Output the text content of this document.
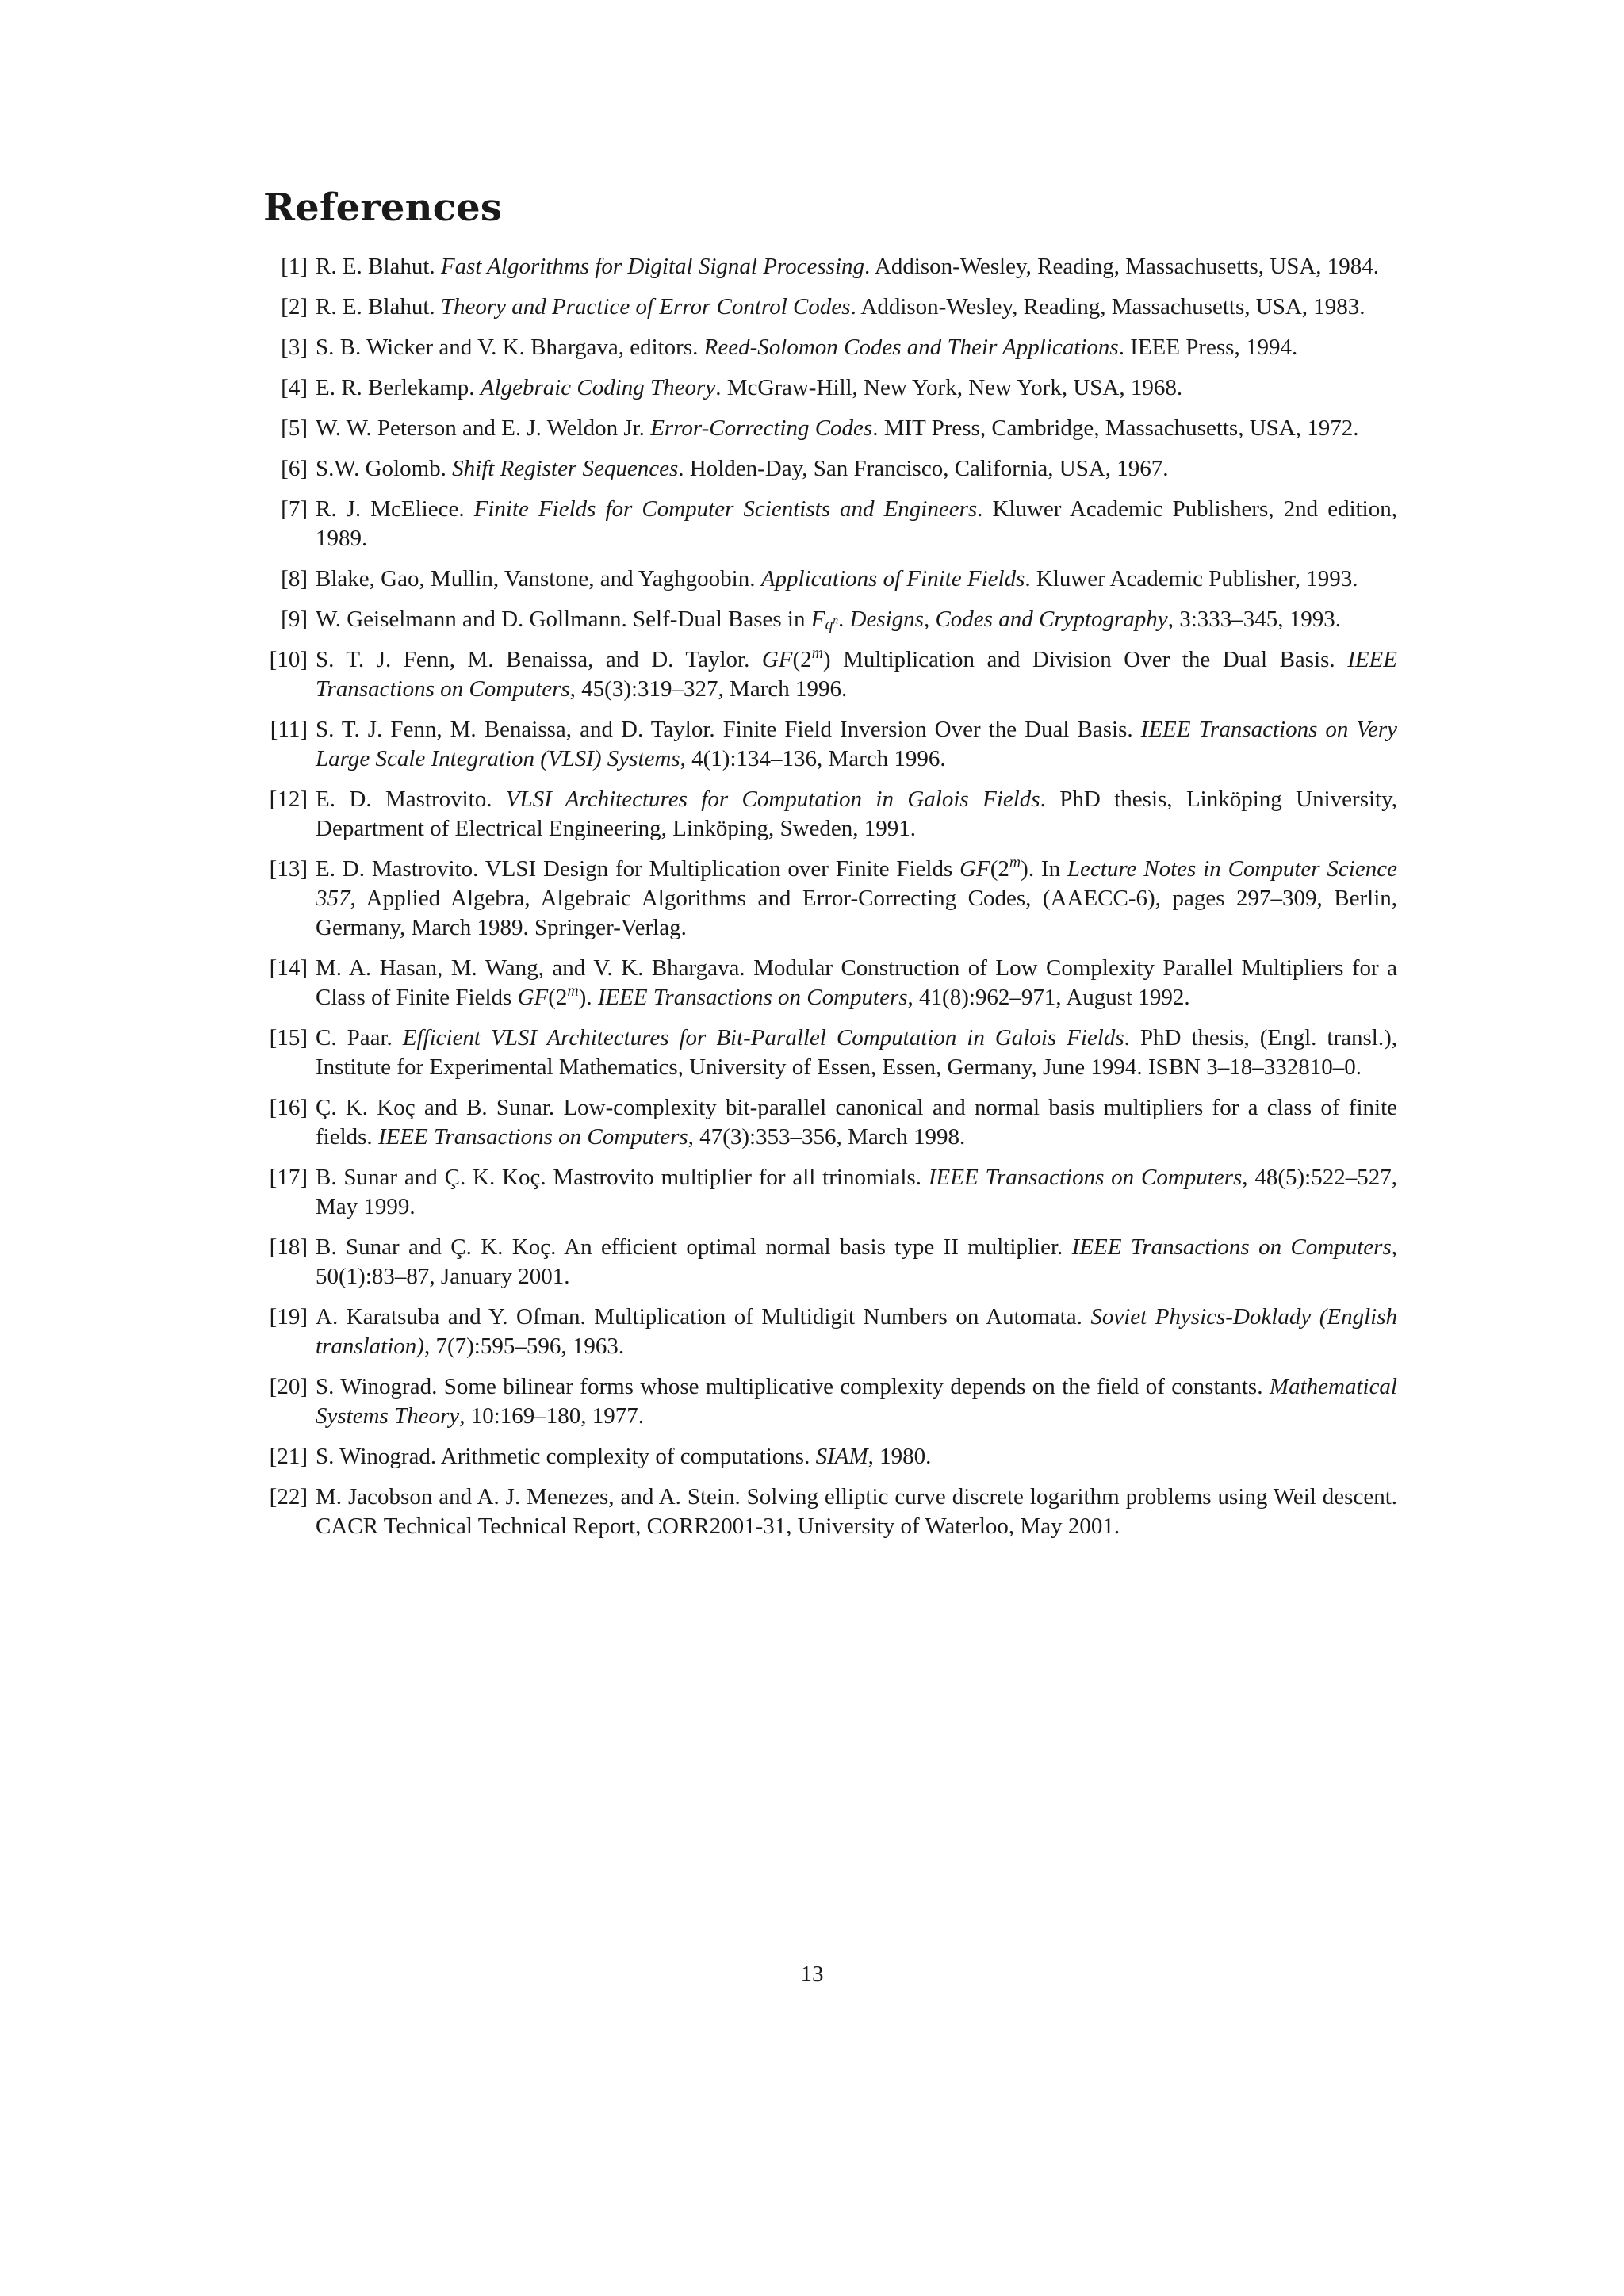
References
[1] R. E. Blahut. Fast Algorithms for Digital Signal Processing. Addison-Wesley, Reading, Massachusetts, USA, 1984.
[2] R. E. Blahut. Theory and Practice of Error Control Codes. Addison-Wesley, Reading, Massachusetts, USA, 1983.
[3] S. B. Wicker and V. K. Bhargava, editors. Reed-Solomon Codes and Their Applications. IEEE Press, 1994.
[4] E. R. Berlekamp. Algebraic Coding Theory. McGraw-Hill, New York, New York, USA, 1968.
[5] W. W. Peterson and E. J. Weldon Jr. Error-Correcting Codes. MIT Press, Cambridge, Massachusetts, USA, 1972.
[6] S.W. Golomb. Shift Register Sequences. Holden-Day, San Francisco, California, USA, 1967.
[7] R. J. McEliece. Finite Fields for Computer Scientists and Engineers. Kluwer Academic Publishers, 2nd edition, 1989.
[8] Blake, Gao, Mullin, Vanstone, and Yaghgoobin. Applications of Finite Fields. Kluwer Academic Publisher, 1993.
[9] W. Geiselmann and D. Gollmann. Self-Dual Bases in $F_{q^n}$. Designs, Codes and Cryptography, 3:333–345, 1993.
[10] S. T. J. Fenn, M. Benaissa, and D. Taylor. GF(2$^m$) Multiplication and Division Over the Dual Basis. IEEE Transactions on Computers, 45(3):319–327, March 1996.
[11] S. T. J. Fenn, M. Benaissa, and D. Taylor. Finite Field Inversion Over the Dual Basis. IEEE Transactions on Very Large Scale Integration (VLSI) Systems, 4(1):134–136, March 1996.
[12] E. D. Mastrovito. VLSI Architectures for Computation in Galois Fields. PhD thesis, Linköping University, Department of Electrical Engineering, Linköping, Sweden, 1991.
[13] E. D. Mastrovito. VLSI Design for Multiplication over Finite Fields GF(2$^m$). In Lecture Notes in Computer Science 357, Applied Algebra, Algebraic Algorithms and Error-Correcting Codes, (AAECC-6), pages 297–309, Berlin, Germany, March 1989. Springer-Verlag.
[14] M. A. Hasan, M. Wang, and V. K. Bhargava. Modular Construction of Low Complexity Parallel Multipliers for a Class of Finite Fields GF(2$^m$). IEEE Transactions on Computers, 41(8):962–971, August 1992.
[15] C. Paar. Efficient VLSI Architectures for Bit-Parallel Computation in Galois Fields. PhD thesis, (Engl. transl.), Institute for Experimental Mathematics, University of Essen, Essen, Germany, June 1994. ISBN 3–18–332810–0.
[16] Ç. K. Koç and B. Sunar. Low-complexity bit-parallel canonical and normal basis multipliers for a class of finite fields. IEEE Transactions on Computers, 47(3):353–356, March 1998.
[17] B. Sunar and Ç. K. Koç. Mastrovito multiplier for all trinomials. IEEE Transactions on Computers, 48(5):522–527, May 1999.
[18] B. Sunar and Ç. K. Koç. An efficient optimal normal basis type II multiplier. IEEE Transactions on Computers, 50(1):83–87, January 2001.
[19] A. Karatsuba and Y. Ofman. Multiplication of Multidigit Numbers on Automata. Soviet Physics-Doklady (English translation), 7(7):595–596, 1963.
[20] S. Winograd. Some bilinear forms whose multiplicative complexity depends on the field of constants. Mathematical Systems Theory, 10:169–180, 1977.
[21] S. Winograd. Arithmetic complexity of computations. SIAM, 1980.
[22] M. Jacobson and A. J. Menezes, and A. Stein. Solving elliptic curve discrete logarithm problems using Weil descent. CACR Technical Technical Report, CORR2001-31, University of Waterloo, May 2001.
13
